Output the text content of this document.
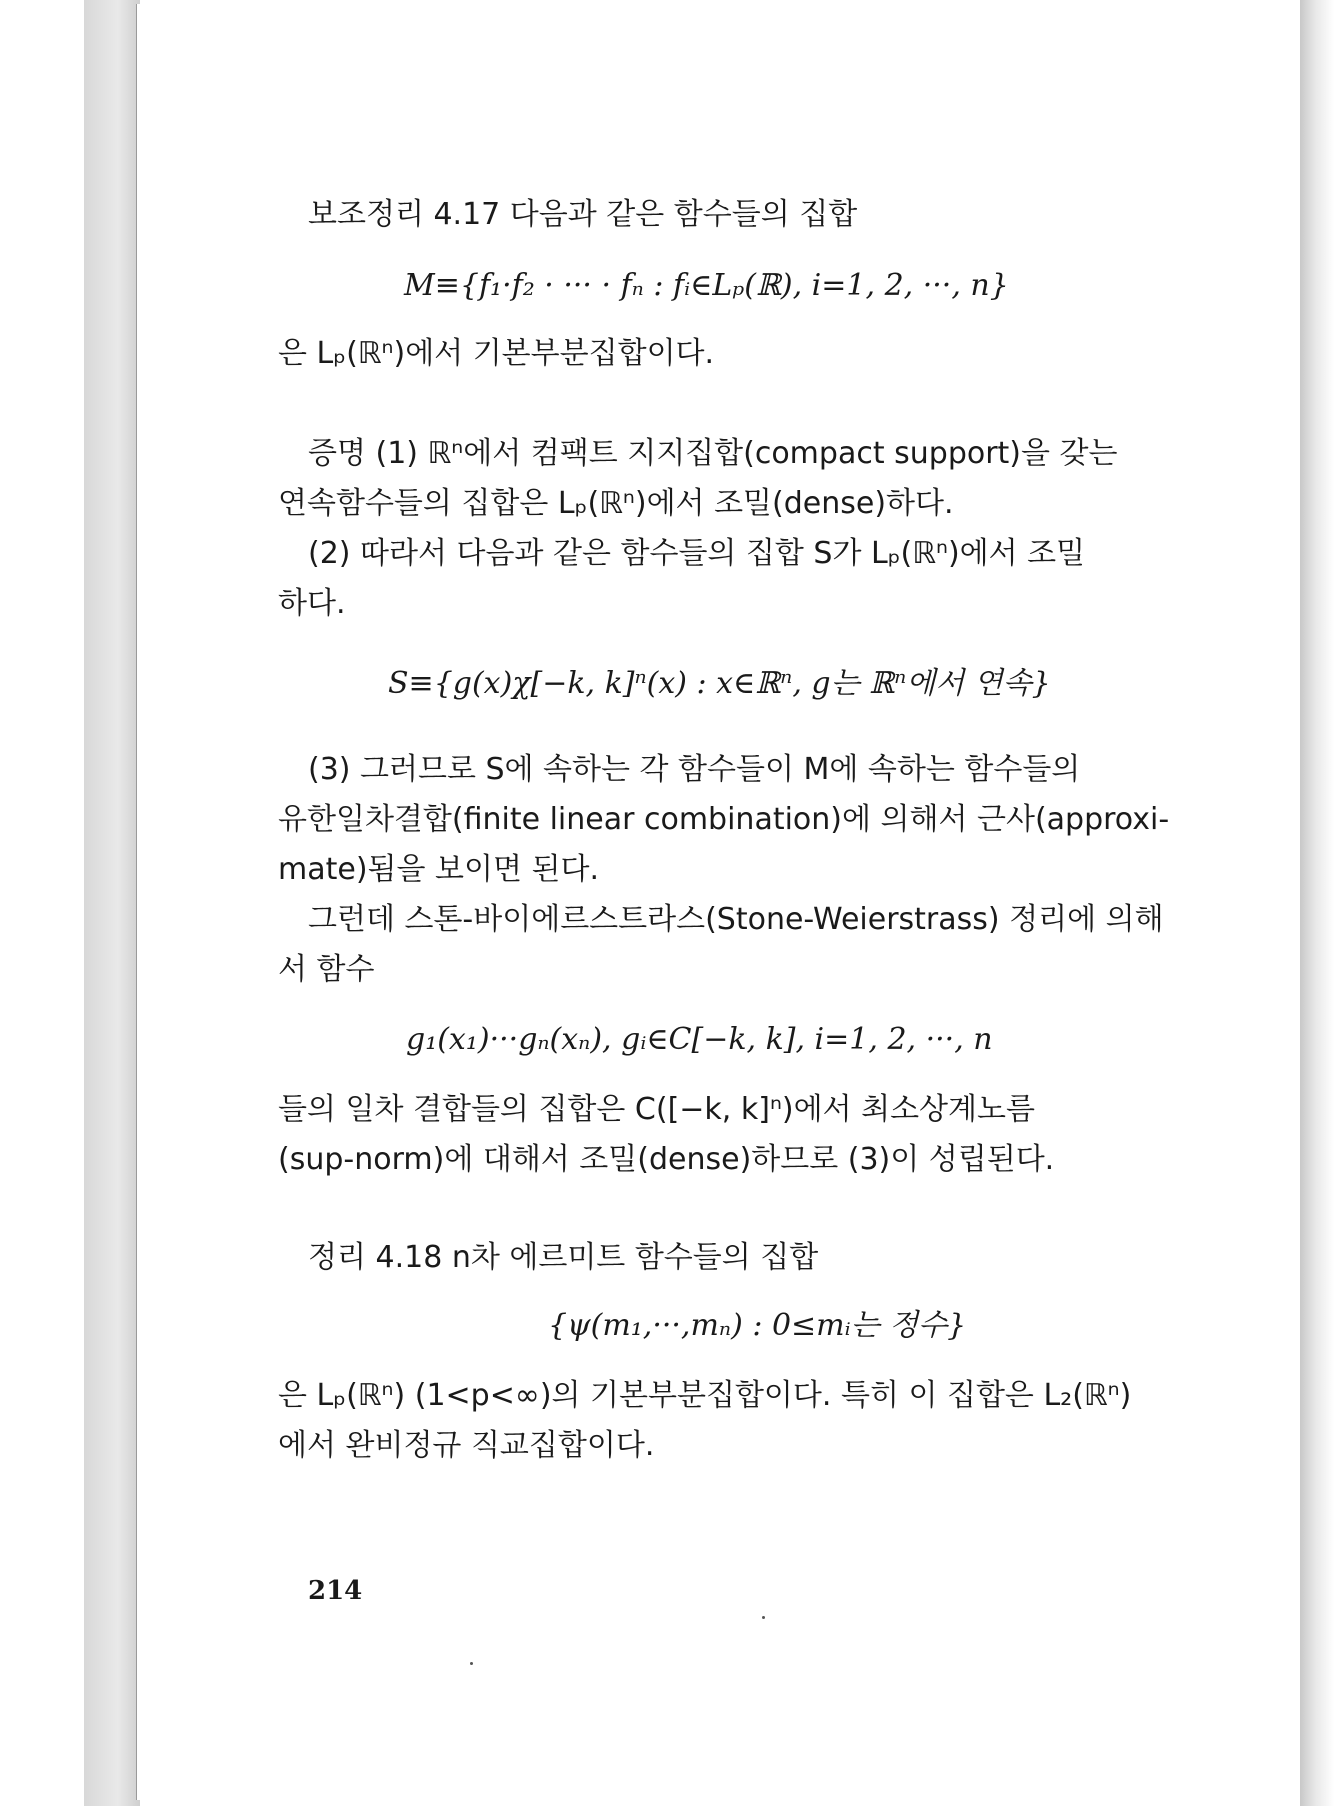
보조정리 4.17 다음과 같은 함수들의 집합
M≡{f₁·f₂ · ··· · fₙ : fᵢ∈Lₚ(ℝ), i=1, 2, ···, n}
은 Lₚ(ℝⁿ)에서 기본부분집합이다.
증명 (1) ℝⁿ에서 컴팩트 지지집합(compact support)을 갖는
연속함수들의 집합은 Lₚ(ℝⁿ)에서 조밀(dense)하다.
(2) 따라서 다음과 같은 함수들의 집합 S가 Lₚ(ℝⁿ)에서 조밀
하다.
S≡{g(x)χ[−k, k]ⁿ(x) : x∈ℝⁿ, g는 ℝⁿ에서 연속}
(3) 그러므로 S에 속하는 각 함수들이 M에 속하는 함수들의
유한일차결합(finite linear combination)에 의해서 근사(approxi-
mate)됨을 보이면 된다.
그런데 스톤-바이에르스트라스(Stone-Weierstrass) 정리에 의해
서 함수
g₁(x₁)···gₙ(xₙ), gᵢ∈C[−k, k], i=1, 2, ···, n
들의 일차 결합들의 집합은 C([−k, k]ⁿ)에서 최소상계노름
(sup-norm)에 대해서 조밀(dense)하므로 (3)이 성립된다.
정리 4.18 n차 에르미트 함수들의 집합
{ψ(m₁,···,mₙ) : 0≤mᵢ는 정수}
은 Lₚ(ℝⁿ) (1<p<∞)의 기본부분집합이다. 특히 이 집합은 L₂(ℝⁿ)
에서 완비정규 직교집합이다.
214
